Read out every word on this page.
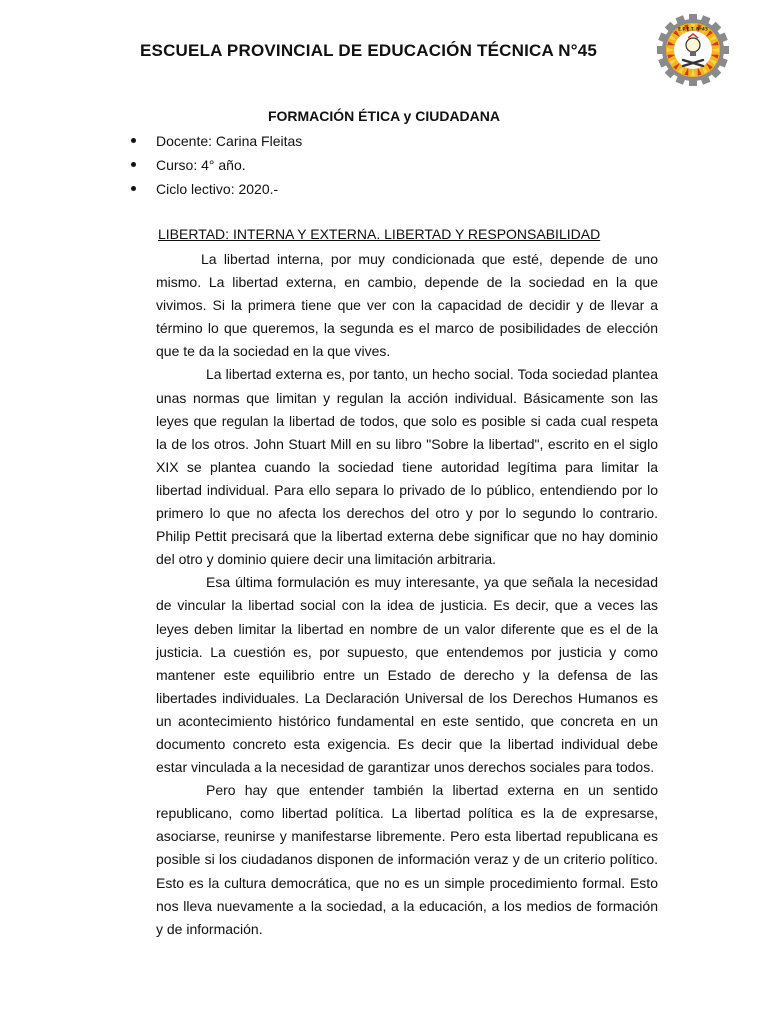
ESCUELA PROVINCIAL DE EDUCACIÓN TÉCNICA N°45
E.P.E.T. Nº45
FORMACIÓN ÉTICA y CIUDADANA
Docente: Carina Fleitas
Curso: 4° año.
Ciclo lectivo: 2020.-
LIBERTAD: INTERNA Y EXTERNA. LIBERTAD Y RESPONSABILIDAD

La libertad interna, por muy condicionada que esté, depende de uno mismo. La libertad externa, en cambio, depende de la sociedad en la que vivimos. Si la primera tiene que ver con la capacidad de decidir y de llevar a término lo que queremos, la segunda es el marco de posibilidades de elección que te da la sociedad en la que vives.

La libertad externa es, por tanto, un hecho social. Toda sociedad plantea unas normas que limitan y regulan la acción individual. Básicamente son las leyes que regulan la libertad de todos, que solo es posible si cada cual respeta la de los otros. John Stuart Mill en su libro "Sobre la libertad", escrito en el siglo XIX se plantea cuando la sociedad tiene autoridad legítima para limitar la libertad individual. Para ello separa lo privado de lo público, entendiendo por lo primero lo que no afecta los derechos del otro y por lo segundo lo contrario. Philip Pettit precisará que la libertad externa debe significar que no hay dominio del otro y dominio quiere decir una limitación arbitraria.

Esa última formulación es muy interesante, ya que señala la necesidad de vincular la libertad social con la idea de justicia. Es decir, que a veces las leyes deben limitar la libertad en nombre de un valor diferente que es el de la justicia. La cuestión es, por supuesto, que entendemos por justicia y como mantener este equilibrio entre un Estado de derecho y la defensa de las libertades individuales. La Declaración Universal de los Derechos Humanos es un acontecimiento histórico fundamental en este sentido, que concreta en un documento concreto esta exigencia. Es decir que la libertad individual debe estar vinculada a la necesidad de garantizar unos derechos sociales para todos.

Pero hay que entender también la libertad externa en un sentido republicano, como libertad política. La libertad política es la de expresarse, asociarse, reunirse y manifestarse libremente. Pero esta libertad republicana es posible si los ciudadanos disponen de información veraz y de un criterio político. Esto es la cultura democrática, que no es un simple procedimiento formal. Esto nos lleva nuevamente a la sociedad, a la educación, a los medios de formación y de información.
